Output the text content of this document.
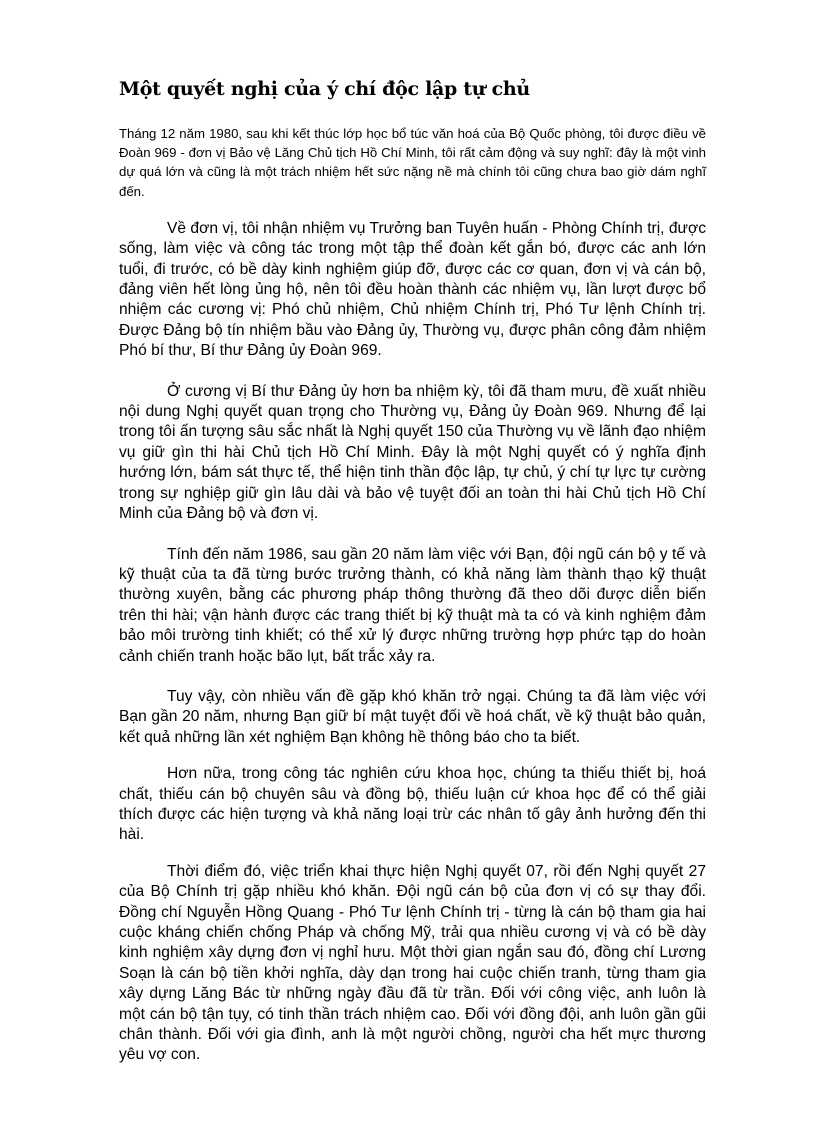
Một quyết nghị của ý chí độc lập tự chủ

Tháng 12 năm 1980, sau khi kết thúc lớp học bổ túc văn hoá của Bộ Quốc phòng, tôi được điều về Đoàn 969 - đơn vị Bảo vệ Lăng Chủ tịch Hồ Chí Minh, tôi rất cảm động và suy nghĩ: đây là một vinh dự quá lớn và cũng là một trách nhiệm hết sức nặng nề mà chính tôi cũng chưa bao giờ dám nghĩ đến.

Về đơn vị, tôi nhận nhiệm vụ Trưởng ban Tuyên huấn - Phòng Chính trị, được sống, làm việc và công tác trong một tập thể đoàn kết gắn bó, được các anh lớn tuổi, đi trước, có bề dày kinh nghiệm giúp đỡ, được các cơ quan, đơn vị và cán bộ, đảng viên hết lòng ủng hộ, nên tôi đều hoàn thành các nhiệm vụ, lần lượt được bổ nhiệm các cương vị: Phó chủ nhiệm, Chủ nhiệm Chính trị, Phó Tư lệnh Chính trị. Được Đảng bộ tín nhiệm bầu vào Đảng ủy, Thường vụ, được phân công đảm nhiệm Phó bí thư, Bí thư Đảng ủy Đoàn 969.

Ở cương vị Bí thư Đảng ủy hơn ba nhiệm kỳ, tôi đã tham mưu, đề xuất nhiều nội dung Nghị quyết quan trọng cho Thường vụ, Đảng ủy Đoàn 969. Nhưng để lại trong tôi ấn tượng sâu sắc nhất là Nghị quyết 150 của Thường vụ về lãnh đạo nhiệm vụ giữ gìn thi hài Chủ tịch Hồ Chí Minh. Đây là một Nghị quyết có ý nghĩa định hướng lớn, bám sát thực tế, thể hiện tinh thần độc lập, tự chủ, ý chí tự lực tự cường trong sự nghiệp giữ gìn lâu dài và bảo vệ tuyệt đối an toàn thi hài Chủ tịch Hồ Chí Minh của Đảng bộ và đơn vị.

Tính đến năm 1986, sau gần 20 năm làm việc với Bạn, đội ngũ cán bộ y tế và kỹ thuật của ta đã từng bước trưởng thành, có khả năng làm thành thạo kỹ thuật thường xuyên, bằng các phương pháp thông thường đã theo dõi được diễn biến trên thi hài; vận hành được các trang thiết bị kỹ thuật mà ta có và kinh nghiệm đảm bảo môi trường tinh khiết; có thể xử lý được những trường hợp phức tạp do hoàn cảnh chiến tranh hoặc bão lụt, bất trắc xảy ra.

Tuy vậy, còn nhiều vấn đề gặp khó khăn trở ngại. Chúng ta đã làm việc với Bạn gần 20 năm, nhưng Bạn giữ bí mật tuyệt đối về hoá chất, về kỹ thuật bảo quản, kết quả những lần xét nghiệm Bạn không hề thông báo cho ta biết.

Hơn nữa, trong công tác nghiên cứu khoa học, chúng ta thiếu thiết bị, hoá chất, thiếu cán bộ chuyên sâu và đồng bộ, thiếu luận cứ khoa học để có thể giải thích được các hiện tượng và khả năng loại trừ các nhân tố gây ảnh hưởng đến thi hài.

Thời điểm đó, việc triển khai thực hiện Nghị quyết 07, rồi đến Nghị quyết 27 của Bộ Chính trị gặp nhiều khó khăn. Đội ngũ cán bộ của đơn vị có sự thay đổi. Đồng chí Nguyễn Hồng Quang - Phó Tư lệnh Chính trị - từng là cán bộ tham gia hai cuộc kháng chiến chống Pháp và chống Mỹ, trải qua nhiều cương vị và có bề dày kinh nghiệm xây dựng đơn vị nghỉ hưu. Một thời gian ngắn sau đó, đồng chí Lương Soạn là cán bộ tiền khởi nghĩa, dày dạn trong hai cuộc chiến tranh, từng tham gia xây dựng Lăng Bác từ những ngày đầu đã từ trần. Đối với công việc, anh luôn là một cán bộ tận tụy, có tinh thần trách nhiệm cao. Đối với đồng đội, anh luôn gần gũi chân thành. Đối với gia đình, anh là một người chồng, người cha hết mực thương yêu vợ con.
